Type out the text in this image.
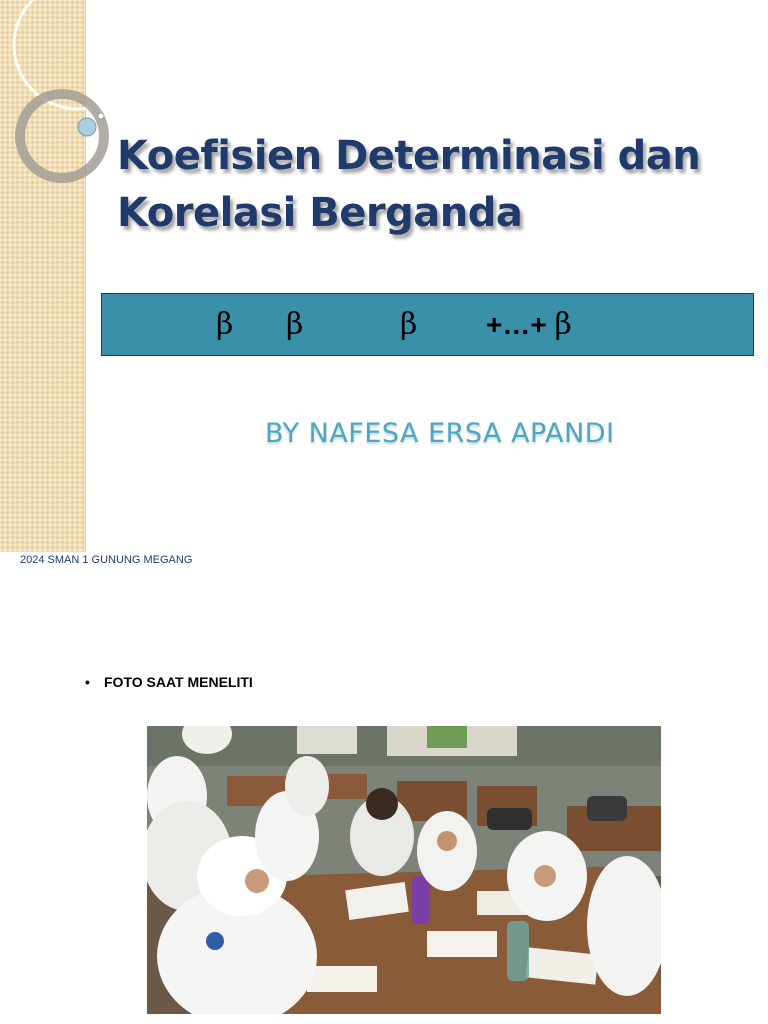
Koefisien Determinasi dan
Korelasi Berganda
β β	β +…+ β

BY NAFESA ERSA APANDI

2024 SMAN 1 GUNUNG MEGANG
• FOTO SAAT MENELITI
